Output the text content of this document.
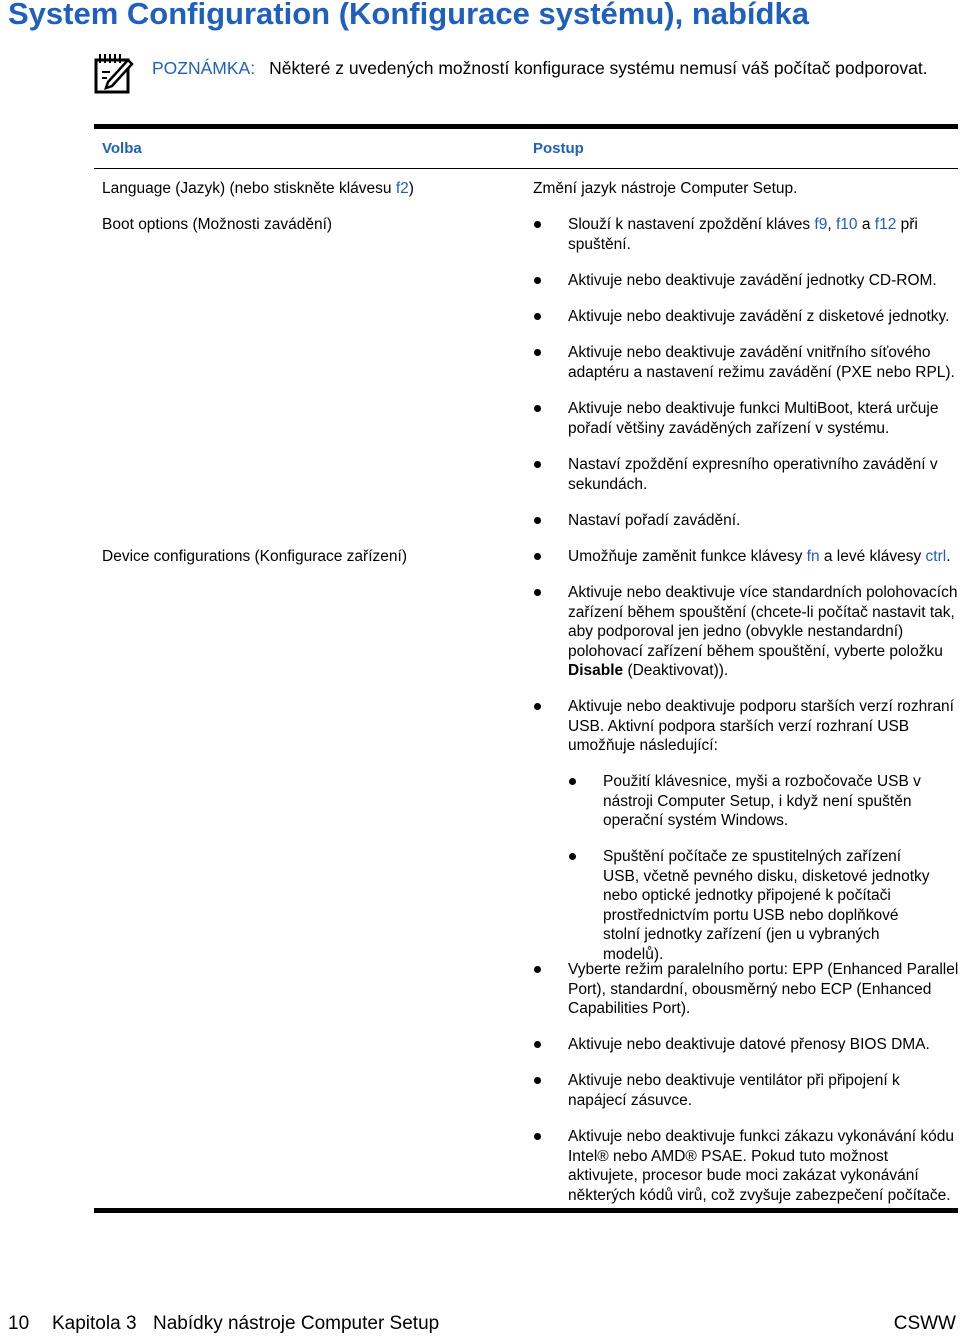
System Configuration (Konfigurace systému), nabídka
POZNÁMKA: Některé z uvedených možností konfigurace systému nemusí váš počítač podporovat.
Volba	Postup
Language (Jazyk) (nebo stiskněte klávesu f2)	Změní jazyk nástroje Computer Setup.
Boot options (Možnosti zavádění)	Slouží k nastavení zpoždění kláves f9, f10 a f12 při spuštění.
Aktivuje nebo deaktivuje zavádění jednotky CD-ROM.
Aktivuje nebo deaktivuje zavádění z disketové jednotky.
Aktivuje nebo deaktivuje zavádění vnitřního síťového adaptéru a nastavení režimu zavádění (PXE nebo RPL).
Aktivuje nebo deaktivuje funkci MultiBoot, která určuje pořadí většiny zaváděných zařízení v systému.
Nastaví zpoždění expresního operativního zavádění v sekundách.
Nastaví pořadí zavádění.
Device configurations (Konfigurace zařízení)	Umožňuje zaměnit funkce klávesy fn a levé klávesy ctrl.
Aktivuje nebo deaktivuje více standardních polohovacích zařízení během spouštění (chcete-li počítač nastavit tak, aby podporoval jen jedno (obvykle nestandardní) polohovací zařízení během spouštění, vyberte položku Disable (Deaktivovat)).
Aktivuje nebo deaktivuje podporu starších verzí rozhraní USB. Aktivní podpora starších verzí rozhraní USB umožňuje následující:
Použití klávesnice, myši a rozbočovače USB v nástroji Computer Setup, i když není spuštěn operační systém Windows.
Spuštění počítače ze spustitelných zařízení USB, včetně pevného disku, disketové jednotky nebo optické jednotky připojené k počítači prostřednictvím portu USB nebo doplňkové stolní jednotky zařízení (jen u vybraných modelů).
Vyberte režim paralelního portu: EPP (Enhanced Parallel Port), standardní, obousměrný nebo ECP (Enhanced Capabilities Port).
Aktivuje nebo deaktivuje datové přenosy BIOS DMA.
Aktivuje nebo deaktivuje ventilátor při připojení k napájecí zásuvce.
Aktivuje nebo deaktivuje funkci zákazu vykonávání kódu Intel® nebo AMD® PSAE. Pokud tuto možnost aktivujete, procesor bude moci zakázat vykonávání některých kódů virů, což zvyšuje zabezpečení počítače.
10 Kapitola 3 Nabídky nástroje Computer Setup	CSWW
